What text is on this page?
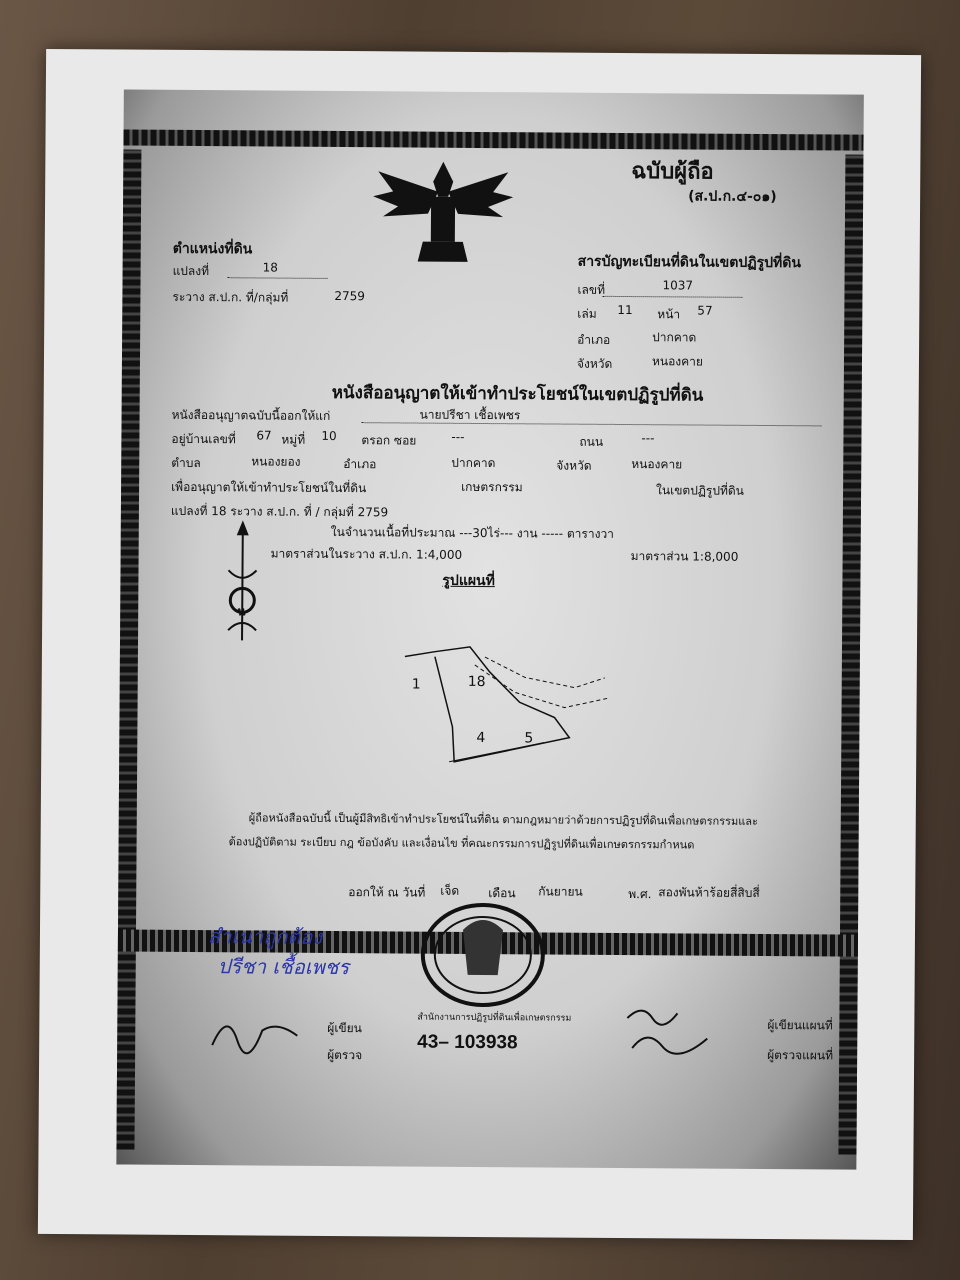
ฉบับผู้ถือ
(ส.ป.ก.๔-๐๑)
ตำแหน่งที่ดิน
แปลงที่	18
ระวาง ส.ป.ก. ที่/กลุ่มที่	2759
สารบัญทะเบียนที่ดินในเขตปฏิรูปที่ดิน
เลขที่	1037
เล่ม 11 หน้า 57
อำเภอ	ปากคาด
จังหวัด	หนองคาย
หนังสืออนุญาตให้เข้าทำประโยชน์ในเขตปฏิรูปที่ดิน
หนังสืออนุญาตฉบับนี้ออกให้แก่	นายปรีชา เชื้อเพชร
อยู่บ้านเลขที่ 67 หมู่ที่ 10 ตรอก ซอย	---	ถนน	---
ตำบล	หนองยอง	อำเภอ	ปากคาด	จังหวัด	หนองคาย
เพื่ออนุญาตให้เข้าทำประโยชน์ในที่ดิน	เกษตรกรรม	ในเขตปฏิรูปที่ดิน
แปลงที่ 18 ระวาง ส.ป.ก. ที่ / กลุ่มที่ 2759
ในจำนวนเนื้อที่ประมาณ ---30ไร่--- งาน ----- ตารางวา
มาตราส่วนในระวาง ส.ป.ก. 1:4,000	มาตราส่วน 1:8,000
น
รูปแผนที่
18
1
4	5
ผู้ถือหนังสือฉบับนี้ เป็นผู้มีสิทธิเข้าทำประโยชน์ในที่ดิน ตามกฎหมายว่าด้วยการปฏิรูปที่ดินเพื่อเกษตรกรรมและ
ต้องปฏิบัติตาม ระเบียบ กฎ ข้อบังคับ และเงื่อนไข ที่คณะกรรมการปฏิรูปที่ดินเพื่อเกษตรกรรมกำหนด
ออกให้ ณ วันที่ เจ็ด เดือน กันยายน	พ.ศ. สองพันห้าร้อยสี่สิบสี่
สำนักงานการปฏิรูปที่ดินเพื่อเกษตรกรรม
สำเนาถูกต้อง
ปรีชา เชื้อเพชร
ผู้เขียน
ผู้ตรวจ
43– 103938
ผู้เขียนแผนที่
ผู้ตรวจแผนที่
